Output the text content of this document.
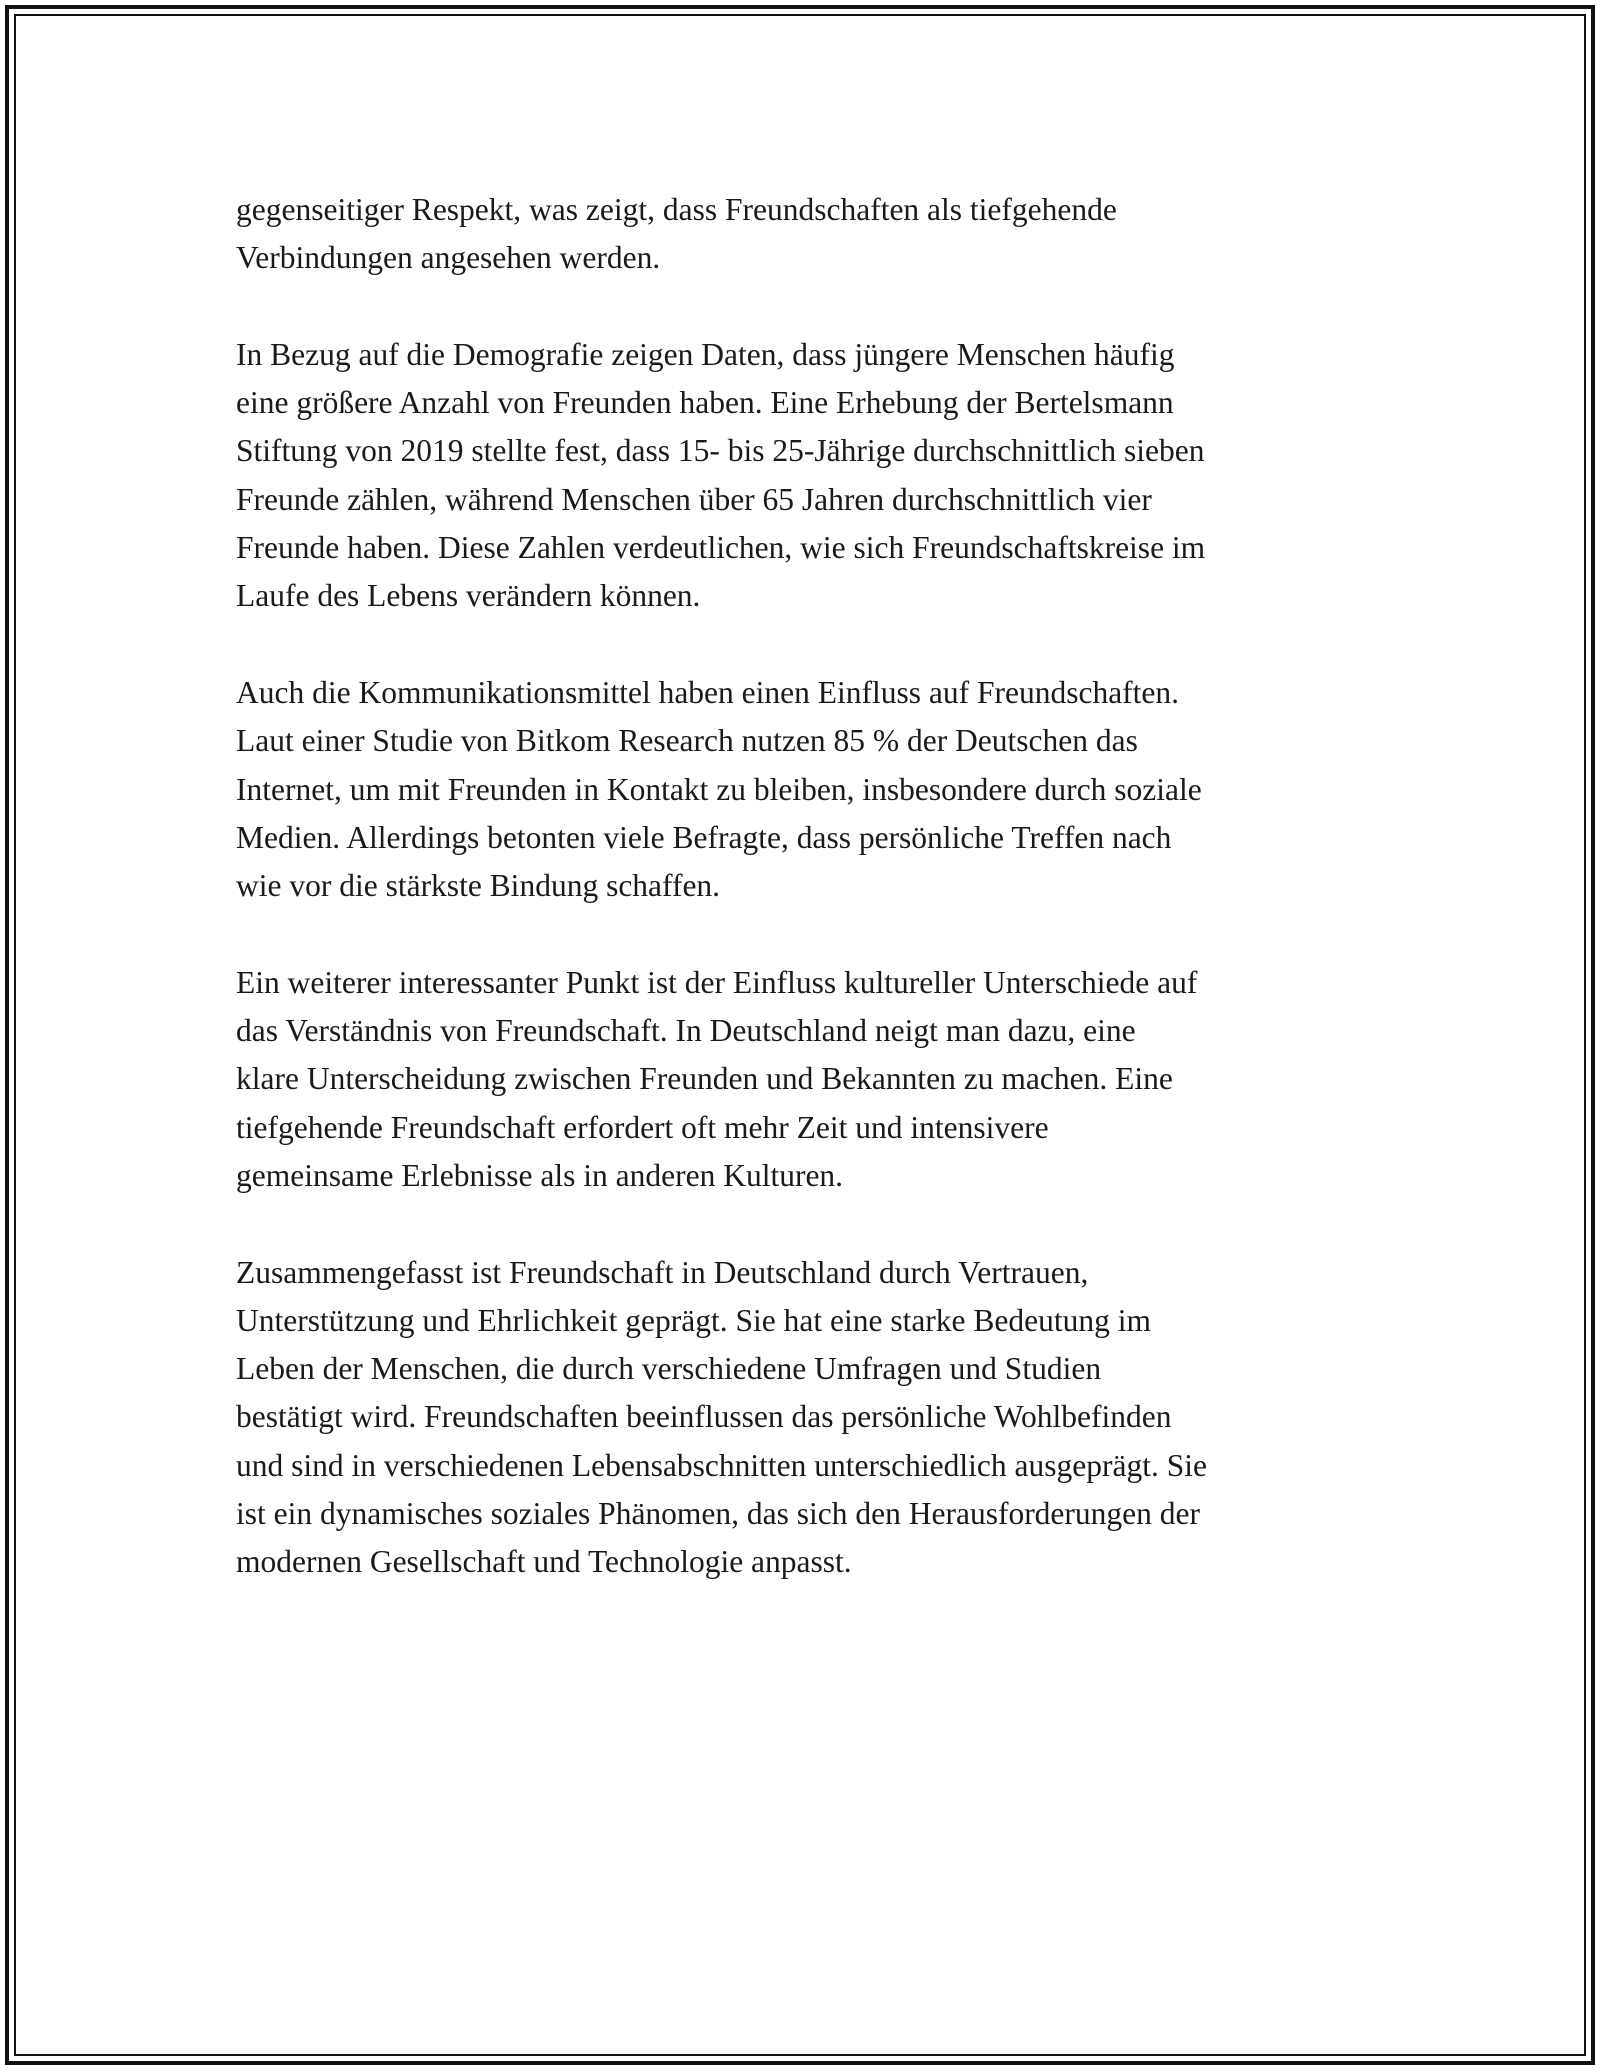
gegenseitiger Respekt, was zeigt, dass Freundschaften als tiefgehende
Verbindungen angesehen werden.

In Bezug auf die Demografie zeigen Daten, dass jüngere Menschen häufig
eine größere Anzahl von Freunden haben. Eine Erhebung der Bertelsmann
Stiftung von 2019 stellte fest, dass 15- bis 25-Jährige durchschnittlich sieben
Freunde zählen, während Menschen über 65 Jahren durchschnittlich vier
Freunde haben. Diese Zahlen verdeutlichen, wie sich Freundschaftskreise im
Laufe des Lebens verändern können.

Auch die Kommunikationsmittel haben einen Einfluss auf Freundschaften.
Laut einer Studie von Bitkom Research nutzen 85 % der Deutschen das
Internet, um mit Freunden in Kontakt zu bleiben, insbesondere durch soziale
Medien. Allerdings betonten viele Befragte, dass persönliche Treffen nach
wie vor die stärkste Bindung schaffen.

Ein weiterer interessanter Punkt ist der Einfluss kultureller Unterschiede auf
das Verständnis von Freundschaft. In Deutschland neigt man dazu, eine
klare Unterscheidung zwischen Freunden und Bekannten zu machen. Eine
tiefgehende Freundschaft erfordert oft mehr Zeit und intensivere
gemeinsame Erlebnisse als in anderen Kulturen.

Zusammengefasst ist Freundschaft in Deutschland durch Vertrauen,
Unterstützung und Ehrlichkeit geprägt. Sie hat eine starke Bedeutung im
Leben der Menschen, die durch verschiedene Umfragen und Studien
bestätigt wird. Freundschaften beeinflussen das persönliche Wohlbefinden
und sind in verschiedenen Lebensabschnitten unterschiedlich ausgeprägt. Sie
ist ein dynamisches soziales Phänomen, das sich den Herausforderungen der
modernen Gesellschaft und Technologie anpasst.
